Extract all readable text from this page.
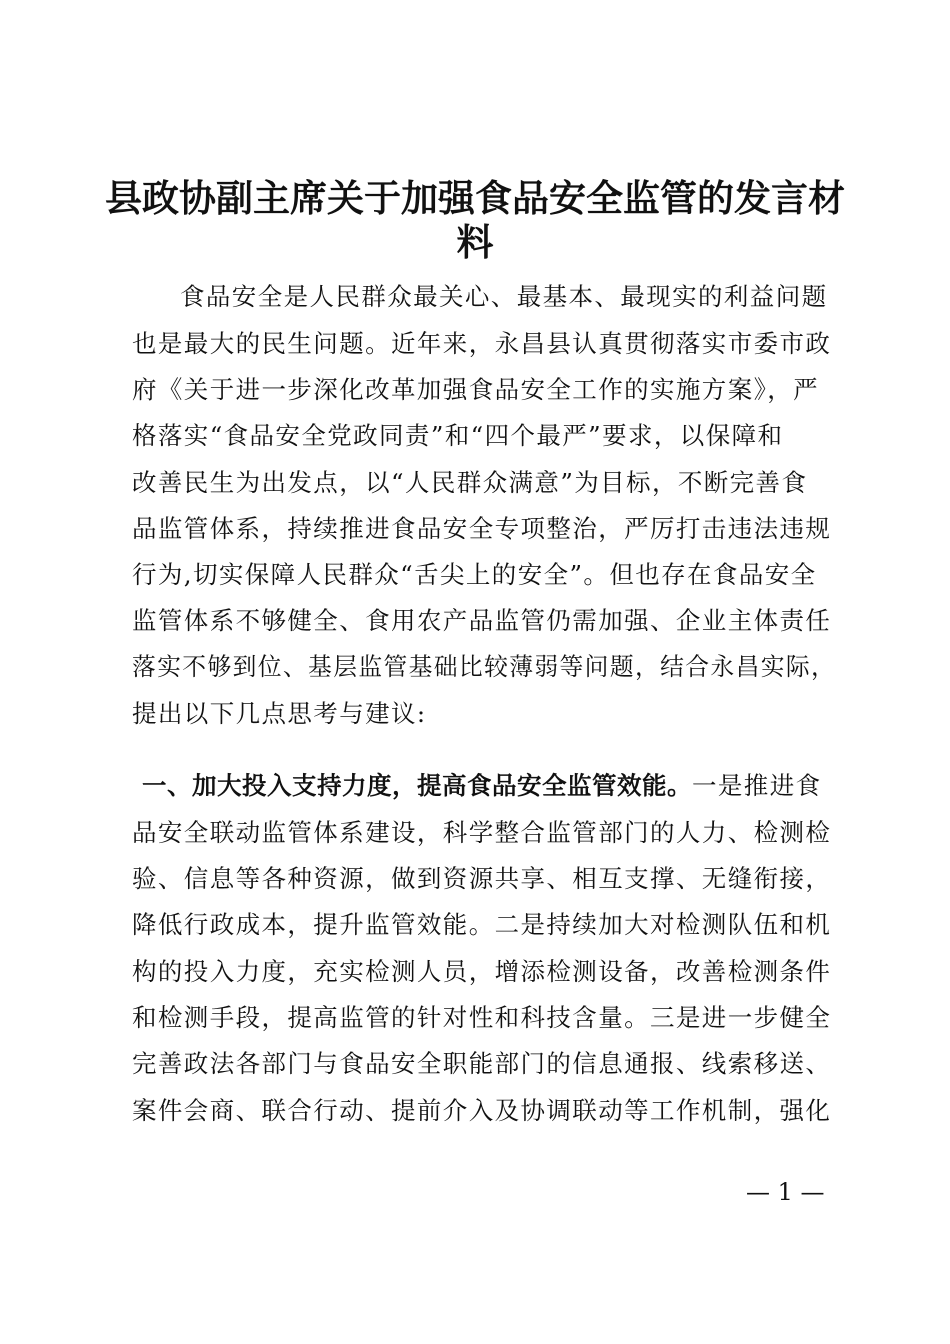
县政协副主席关于加强食品安全监管的发言材
料

食品安全是人民群众最关心、最基本、最现实的利益问题

也是最大的民生问题。近年来，永昌县认真贯彻落实市委市政

府《关于进一步深化改革加强食品安全工作的实施方案》，严

格落实“食品安全党政同责”和“四个最严”要求，以保障和

改善民生为出发点，以“人民群众满意”为目标，不断完善食

品监管体系，持续推进食品安全专项整治，严厉打击违法违规

行为,切实保障人民群众“舌尖上的安全”。但也存在食品安全

监管体系不够健全、食用农产品监管仍需加强、企业主体责任

落实不够到位、基层监管基础比较薄弱等问题，结合永昌实际，

提出以下几点思考与建议:

一、加大投入支持力度，提高食品安全监管效能。一是推进食

品安全联动监管体系建设，科学整合监管部门的人力、检测检

验、信息等各种资源，做到资源共享、相互支撑、无缝衔接，

降低行政成本，提升监管效能。二是持续加大对检测队伍和机

构的投入力度，充实检测人员，增添检测设备，改善检测条件

和检测手段，提高监管的针对性和科技含量。三是进一步健全

完善政法各部门与食品安全职能部门的信息通报、线索移送、

案件会商、联合行动、提前介入及协调联动等工作机制，强化

— 1 —
